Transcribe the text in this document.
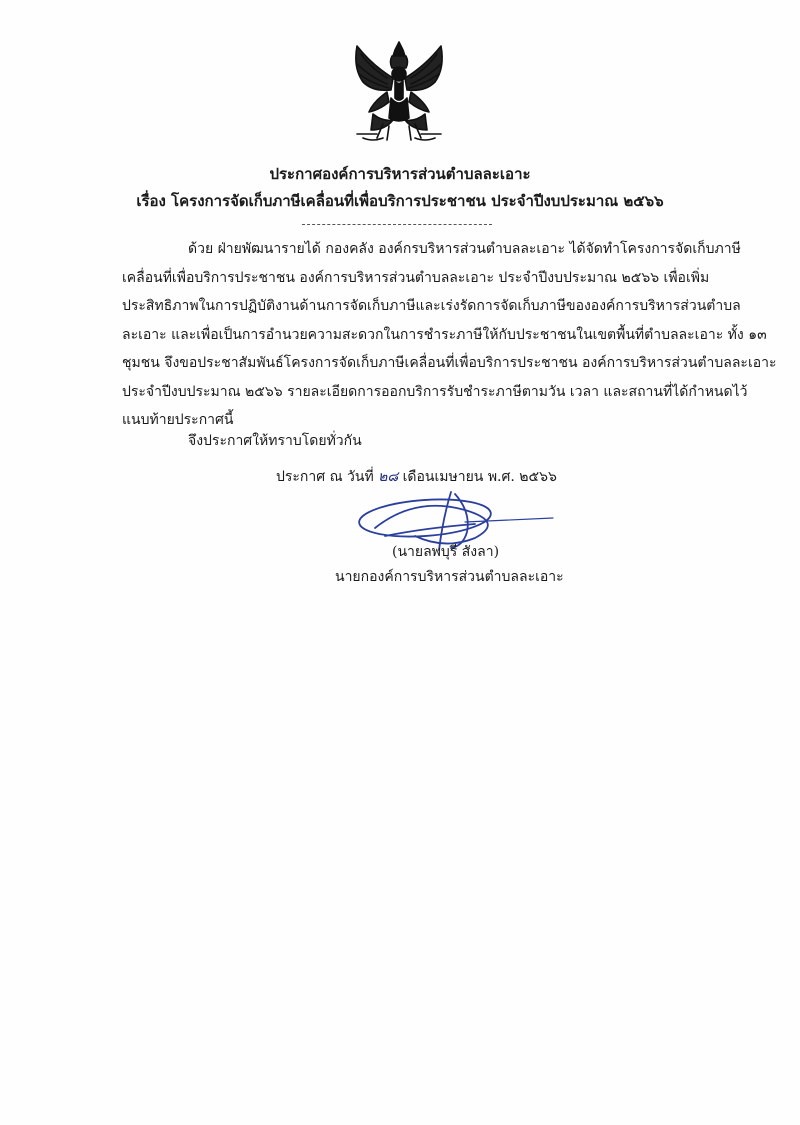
ประกาศองค์การบริหารส่วนตำบลละเอาะ
เรื่อง โครงการจัดเก็บภาษีเคลื่อนที่เพื่อบริการประชาชน ประจำปีงบประมาณ ๒๕๖๖
ด้วย ฝ่ายพัฒนารายได้ กองคลัง องค์กรบริหารส่วนตำบลละเอาะ ได้จัดทำโครงการจัดเก็บภาษี
เคลื่อนที่เพื่อบริการประชาชน องค์การบริหารส่วนตำบลละเอาะ ประจำปีงบประมาณ ๒๕๖๖ เพื่อเพิ่ม
ประสิทธิภาพในการปฏิบัติงานด้านการจัดเก็บภาษีและเร่งรัดการจัดเก็บภาษีขององค์การบริหารส่วนตำบล
ละเอาะ และเพื่อเป็นการอำนวยความสะดวกในการชำระภาษีให้กับประชาชนในเขตพื้นที่ตำบลละเอาะ ทั้ง ๑๓
ชุมชน จึงขอประชาสัมพันธ์โครงการจัดเก็บภาษีเคลื่อนที่เพื่อบริการประชาชน องค์การบริหารส่วนตำบลละเอาะ
ประจำปีงบประมาณ ๒๕๖๖ รายละเอียดการออกบริการรับชำระภาษีตามวัน เวลา และสถานที่ได้กำหนดไว้
แนบท้ายประกาศนี้
จึงประกาศให้ทราบโดยทั่วกัน
ประกาศ ณ วันที่ ๒๘ เดือนเมษายน พ.ศ. ๒๕๖๖
(นายลพบุรี สังลา)
นายกองค์การบริหารส่วนตำบลละเอาะ
